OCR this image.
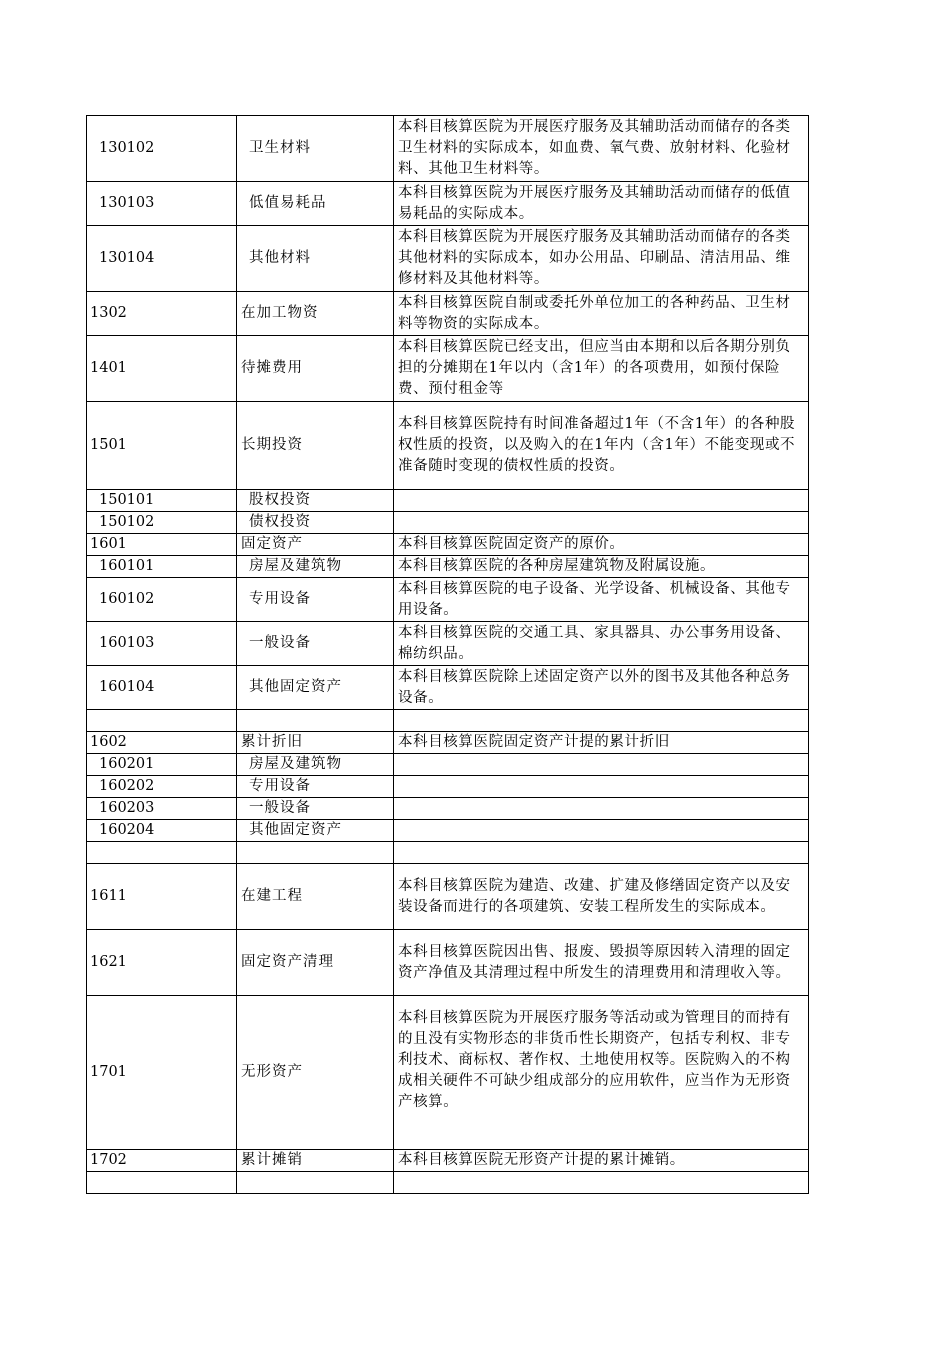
130102	卫生材料	本科目核算医院为开展医疗服务及其辅助活动而储存的各类卫生材料的实际成本，如血费、氧气费、放射材料、化验材料、其他卫生材料等。
130103	低值易耗品	本科目核算医院为开展医疗服务及其辅助活动而储存的低值易耗品的实际成本。
130104	其他材料	本科目核算医院为开展医疗服务及其辅助活动而储存的各类其他材料的实际成本，如办公用品、印刷品、清洁用品、维修材料及其他材料等。
1302	在加工物资	本科目核算医院自制或委托外单位加工的各种药品、卫生材料等物资的实际成本。
1401	待摊费用	本科目核算医院已经支出，但应当由本期和以后各期分别负担的分摊期在1年以内（含1年）的各项费用，如预付保险费、预付租金等
1501	长期投资	本科目核算医院持有时间准备超过1年（不含1年）的各种股权性质的投资，以及购入的在1年内（含1年）不能变现或不准备随时变现的债权性质的投资。
150101	股权投资	
150102	债权投资	
1601	固定资产	本科目核算医院固定资产的原价。
160101	房屋及建筑物	本科目核算医院的各种房屋建筑物及附属设施。
160102	专用设备	本科目核算医院的电子设备、光学设备、机械设备、其他专用设备。
160103	一般设备	本科目核算医院的交通工具、家具器具、办公事务用设备、棉纺织品。
160104	其他固定资产	本科目核算医院除上述固定资产以外的图书及其他各种总务设备。

1602	累计折旧	本科目核算医院固定资产计提的累计折旧
160201	房屋及建筑物	
160202	专用设备	
160203	一般设备	
160204	其他固定资产	

1611	在建工程	本科目核算医院为建造、改建、扩建及修缮固定资产以及安装设备而进行的各项建筑、安装工程所发生的实际成本。
1621	固定资产清理	本科目核算医院因出售、报废、毁损等原因转入清理的固定资产净值及其清理过程中所发生的清理费用和清理收入等。
1701	无形资产	本科目核算医院为开展医疗服务等活动或为管理目的而持有的且没有实物形态的非货币性长期资产，包括专利权、非专利技术、商标权、著作权、土地使用权等。医院购入的不构成相关硬件不可缺少组成部分的应用软件，应当作为无形资产核算。
1702	累计摊销	本科目核算医院无形资产计提的累计摊销。
